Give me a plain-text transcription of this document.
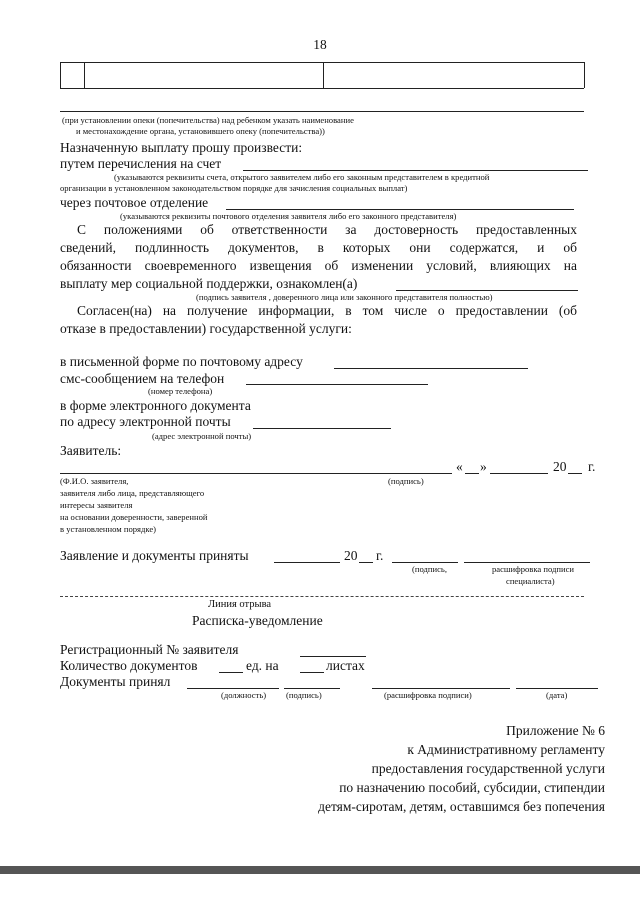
18
(при установлении опеки (попечительства) над ребенком указать наименование
и местонахождение органа, установившего опеку (попечительства))
Назначенную выплату прошу произвести:
путем перечисления на счет
(указываются реквизиты счета, открытого заявителем либо его законным представителем в кредитной
организации в установленном законодательством порядке для зачисления социальных выплат)
через почтовое отделение
(указываются реквизиты почтового отделения заявителя либо его законного представителя)
С положениями об ответственности за достоверность предоставленных
сведений, подлинность документов, в которых они содержатся, и об
обязанности своевременного извещения об изменении условий, влияющих на
выплату мер социальной поддержки, ознакомлен(а)
(подпись заявителя , доверенного лица или законного представителя полностью)
Согласен(на) на получение информации, в том числе о предоставлении (об
отказе в предоставлении) государственной услуги:
в письменной форме по почтовому адресу
смс-сообщением на телефон
(номер телефона)
в форме электронного документа
по адресу электронной почты
(адрес электронной почты)
Заявитель:
« »	20 г.
(Ф.И.О. заявителя,
заявителя либо лица, представляющего
интересы заявителя
на основании доверенности, заверенной
в установленном порядке)
(подпись)
Заявление и документы приняты	20 г.
(подпись,	расшифровка подписи
специалиста)
Линия отрыва
Расписка-уведомление
Регистрационный № заявителя
Количество документов	ед. на	листах
Документы принял
(должность) (подпись)	(расшифровка подписи)	(дата)
Приложение № 6
к Административному регламенту
предоставления государственной услуги
по назначению пособий, субсидии, стипендии
детям-сиротам, детям, оставшимся без попечения
